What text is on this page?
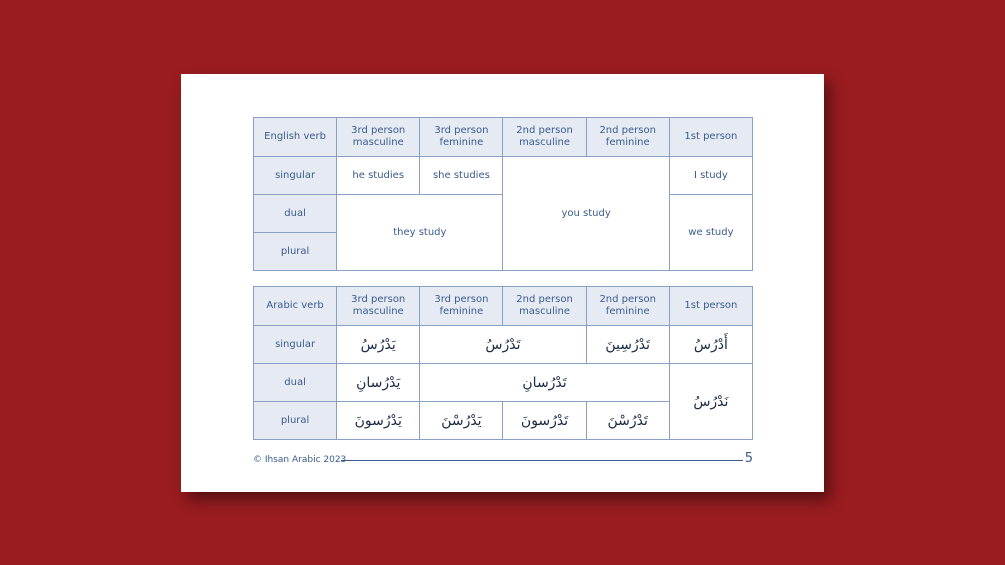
English verb	3rd person masculine	3rd person feminine	2nd person masculine	2nd person feminine	1st person
singular	he studies	she studies	you study		I study
dual	they study				we study
plural					
Arabic verb	3rd person masculine	3rd person feminine	2nd person masculine	2nd person feminine	1st person
singular	يَدْرُسُ	تَدْرُسُ		تَدْرُسِينَ	أَدْرُسُ
dual	يَدْرُسانِ	تَدْرُسانِ			نَدْرُسُ
plural	يَدْرُسونَ	يَدْرُسْنَ	تَدْرُسونَ	تَدْرُسْنَ	
© Ihsan Arabic 2023	5
